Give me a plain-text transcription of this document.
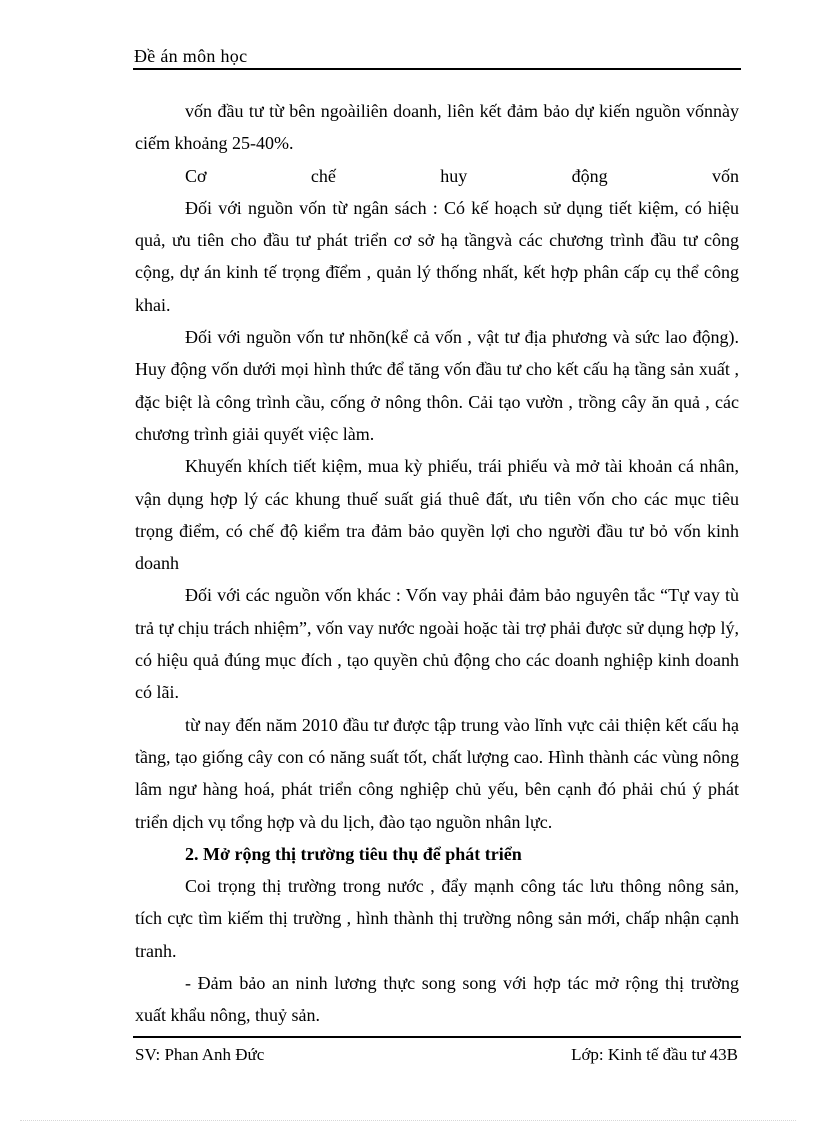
Đề án môn học

vốn đầu tư từ bên ngoàiliên doanh, liên kết đảm bảo dự kiến nguồn vốnnày ciếm khoảng 25-40%.

Cơ chế huy động vốn

Đối với nguồn vốn từ ngân sách : Có kế hoạch sử dụng tiết kiệm, có hiệu quả, ưu tiên cho đầu tư phát triển cơ sở hạ tầngvà các chương trình đầu tư công cộng, dự án kinh tế trọng đĩểm , quản lý thống nhất, kết hợp phân cấp cụ thể công khai.

Đối với nguồn vốn tư nhõn(kể cả vốn , vật tư địa phương và sức lao động). Huy động vốn dưới mọi hình thức để tăng vốn đầu tư cho kết cấu hạ tầng sản xuất , đặc biệt là công trình cầu, cống ở nông thôn. Cải tạo vườn , trồng cây ăn quả , các chương trình giải quyết việc làm.

Khuyến khích tiết kiệm, mua kỳ phiếu, trái phiếu và mở tài khoản cá nhân, vận dụng hợp lý các khung thuế suất giá thuê đất, ưu tiên vốn cho các mục tiêu trọng điểm, có chế độ kiểm tra đảm bảo quyền lợi cho người đầu tư bỏ vốn kinh doanh

Đối với các nguồn vốn khác : Vốn vay phải đảm bảo nguyên tắc “Tự vay tù trả tự chịu trách nhiệm”, vốn vay nước ngoài hoặc tài trợ phải được sử dụng hợp lý, có hiệu quả đúng mục đích , tạo quyền chủ động cho các doanh nghiệp kinh doanh có lãi.

từ nay đến năm 2010 đầu tư được tập trung vào lĩnh vực cải thiện kết cấu hạ tầng, tạo giống cây con có năng suất tốt, chất lượng cao. Hình thành các vùng nông lâm ngư hàng hoá, phát triển công nghiệp chủ yếu, bên cạnh đó phải chú ý phát triển dịch vụ tổng hợp và du lịch, đào tạo nguồn nhân lực.

2. Mở rộng thị trường tiêu thụ để phát triển

Coi trọng thị trường trong nước , đẩy mạnh công tác lưu thông nông sản, tích cực tìm kiếm thị trường , hình thành thị trường nông sản mới, chấp nhận cạnh tranh.

- Đảm bảo an ninh lương thực song song với hợp tác mở rộng thị trường xuất khẩu nông, thuỷ sản.

SV: Phan Anh Đức	Lớp: Kinh tế đầu tư 43B
